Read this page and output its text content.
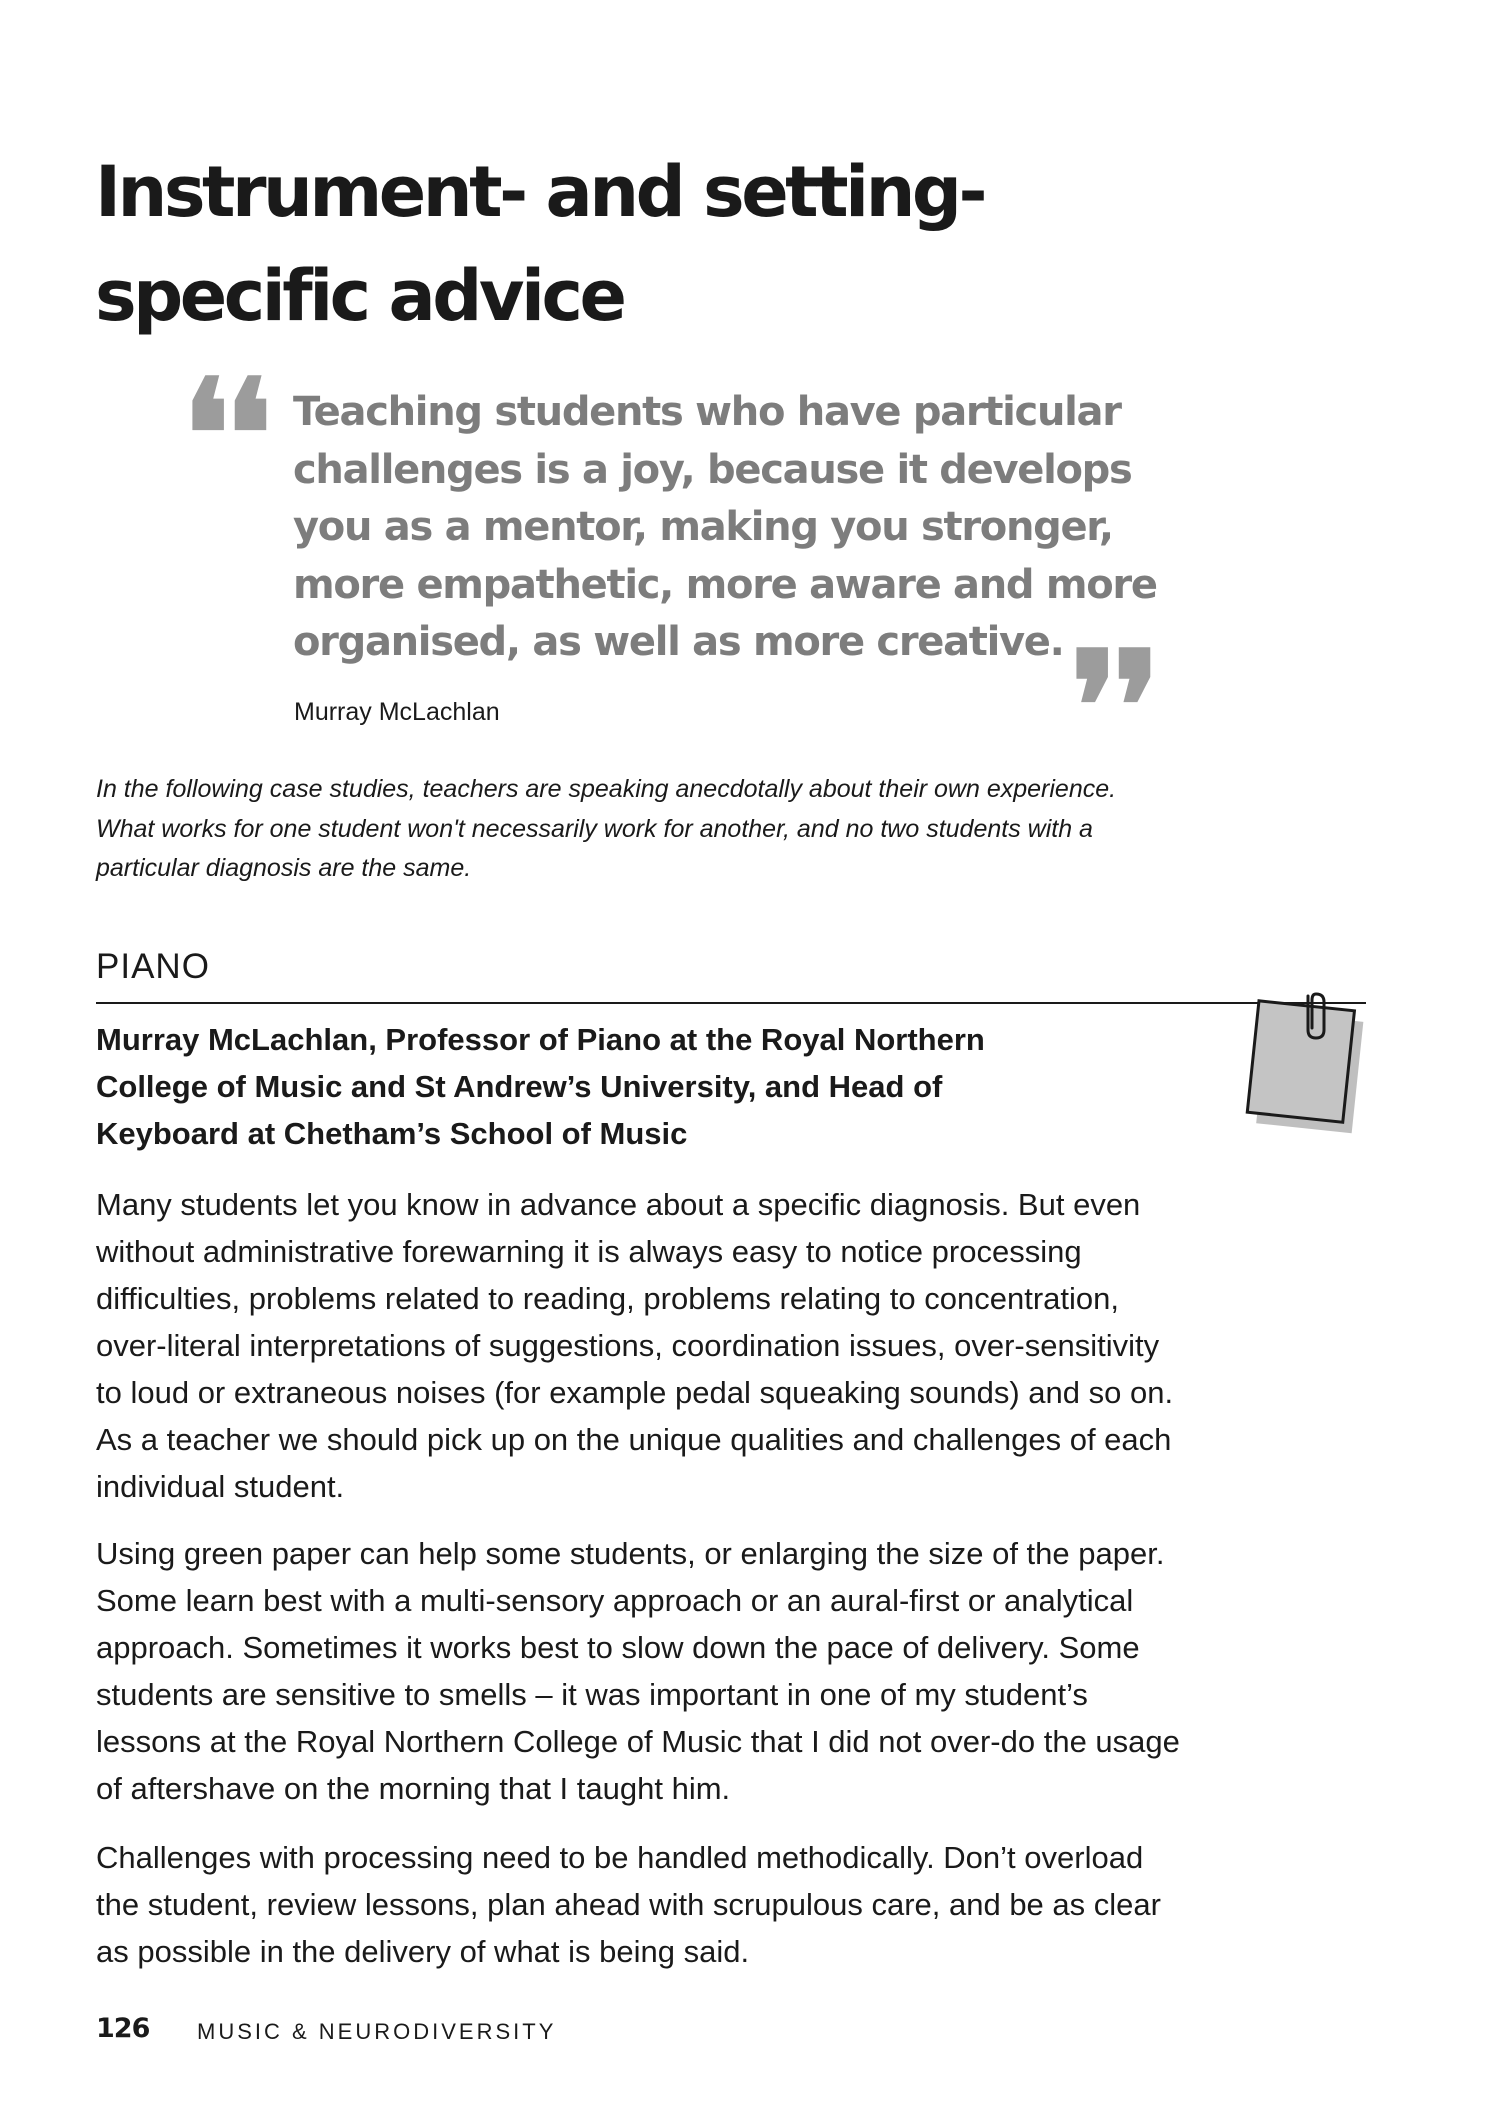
Instrument- and setting-
specific advice
❛❛ Teaching students who have particular
challenges is a joy, because it develops
you as a mentor, making you stronger,
more empathetic, more aware and more
organised, as well as more creative. ❜❜
Murray McLachlan

In the following case studies, teachers are speaking anecdotally about their own experience.
What works for one student won't necessarily work for another, and no two students with a
particular diagnosis are the same.

PIANO
Murray McLachlan, Professor of Piano at the Royal Northern
College of Music and St Andrew’s University, and Head of
Keyboard at Chetham’s School of Music

Many students let you know in advance about a specific diagnosis. But even
without administrative forewarning it is always easy to notice processing
difficulties, problems related to reading, problems relating to concentration,
over-literal interpretations of suggestions, coordination issues, over-sensitivity
to loud or extraneous noises (for example pedal squeaking sounds) and so on.
As a teacher we should pick up on the unique qualities and challenges of each
individual student.

Using green paper can help some students, or enlarging the size of the paper.
Some learn best with a multi-sensory approach or an aural-first or analytical
approach. Sometimes it works best to slow down the pace of delivery. Some
students are sensitive to smells – it was important in one of my student’s
lessons at the Royal Northern College of Music that I did not over-do the usage
of aftershave on the morning that I taught him.

Challenges with processing need to be handled methodically. Don’t overload
the student, review lessons, plan ahead with scrupulous care, and be as clear
as possible in the delivery of what is being said.

126 MUSIC & NEURODIVERSITY
